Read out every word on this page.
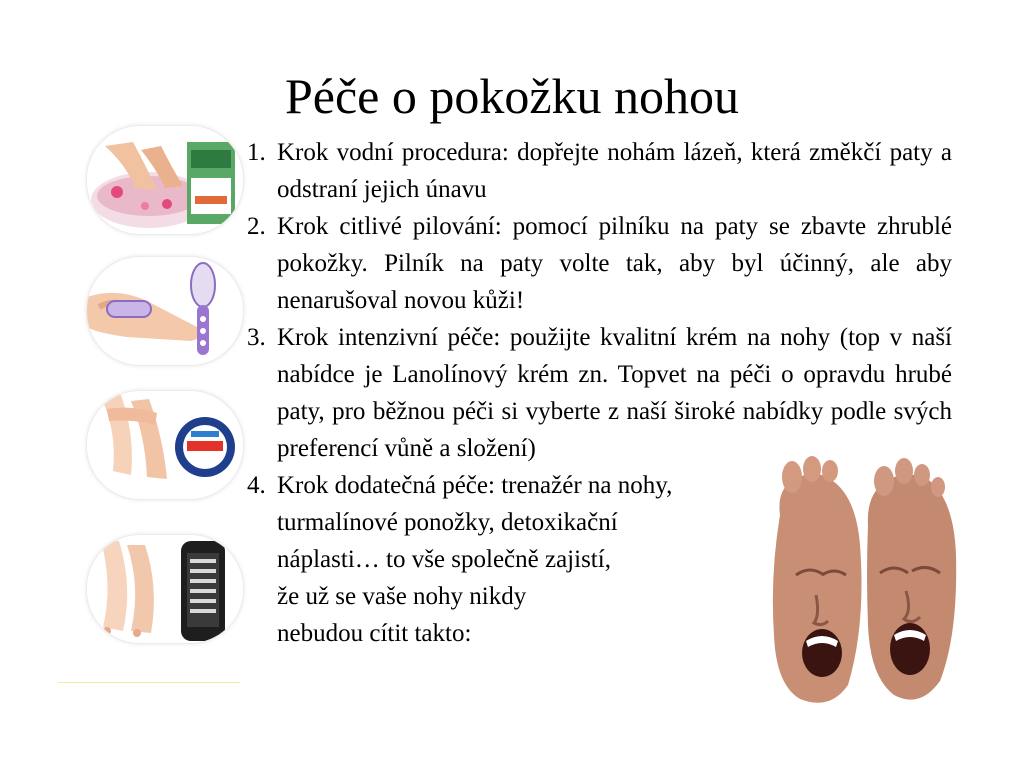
Péče o pokožku nohou
1. Krok vodní procedura: dopřejte nohám lázeň, která změkčí paty a odstraní jejich únavu
2. Krok citlivé pilování: pomocí pilníku na paty se zbavte zhrublé pokožky. Pilník na paty volte tak, aby byl účinný, ale aby nenarušoval novou kůži!
3. Krok intenzivní péče: použijte kvalitní krém na nohy (top v naší nabídce je Lanolínový krém zn. Topvet na péči o opravdu hrubé paty, pro běžnou péči si vyberte z naší široké nabídky podle svých preferencí vůně a složení)
4. Krok dodatečná péče: trenažér na nohy,
turmalínové ponožky, detoxikační
náplasti… to vše společně zajistí,
že už se vaše nohy nikdy
nebudou cítit takto:
